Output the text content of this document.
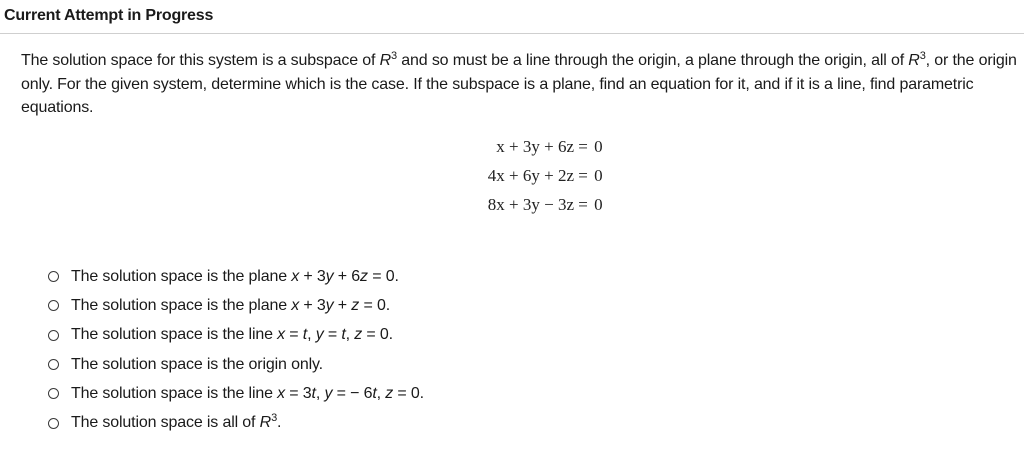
Current Attempt in Progress
The solution space for this system is a subspace of $R^3$ and so must be a line through the origin, a plane through the origin, all of $R^3$, or the origin only. For the given system, determine which is the case. If the subspace is a plane, find an equation for it, and if it is a line, find parametric equations.
x + 3y + 6z = 0
4x + 6y + 2z = 0
8x + 3y − 3z = 0
The solution space is the plane x + 3y + 6z = 0.
The solution space is the plane x + 3y + z = 0.
The solution space is the line x = t, y = t, z = 0.
The solution space is the origin only.
The solution space is the line x = 3t, y = − 6t, z = 0.
The solution space is all of $R^3$.
